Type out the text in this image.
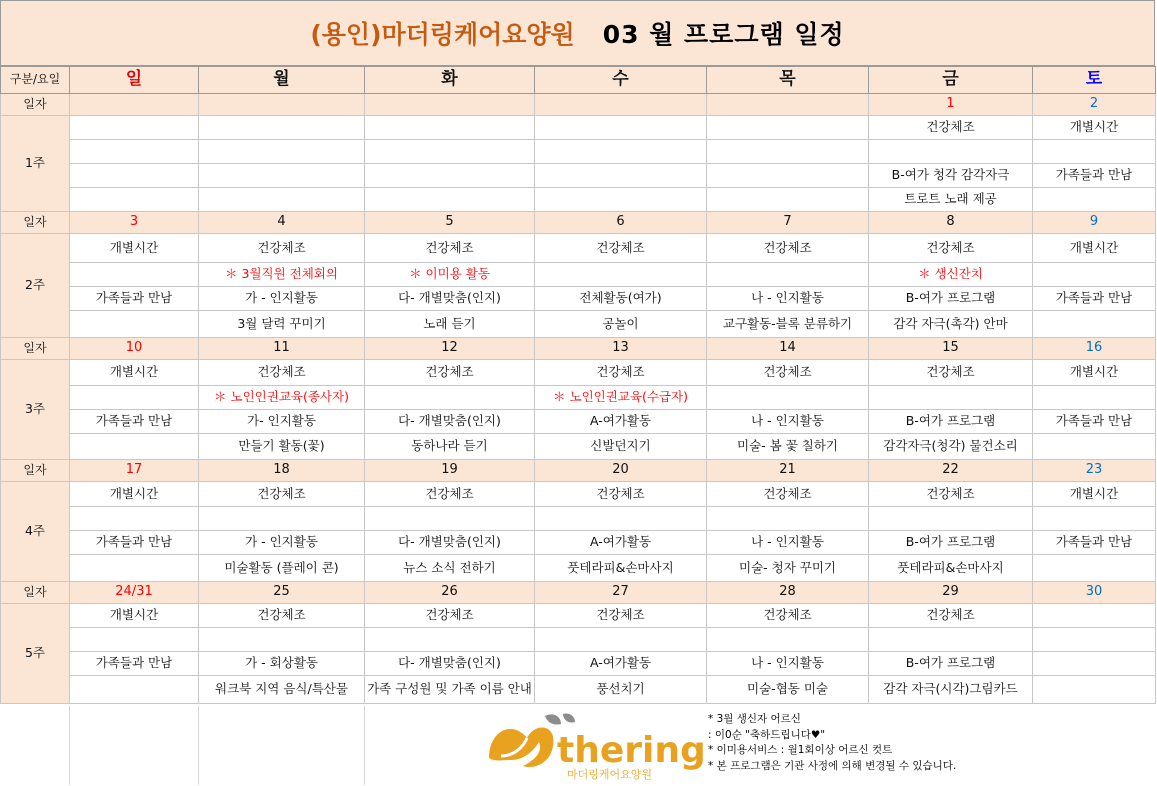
(용인)마더링케어요양원 03 월 프로그램 일정
구분/요일	일	월	화	수	목	금	토
일자						1	2
1주						건강체조	개별시간

						B-여가 청각 감각자극	가족들과 만남
						트로트 노래 제공	
일자	3	4	5	6	7	8	9
2주	개별시간	건강체조	건강체조	건강체조	건강체조	건강체조	개별시간
		＊ 3월직원 전체회의	＊ 이미용 활동			＊ 생신잔치	
	가족들과 만남	가 - 인지활동	다- 개별맞춤(인지)	전체활동(여가)	나 - 인지활동	B-여가 프로그램	가족들과 만남
		3월 달력 꾸미기	노래 듣기	공놀이	교구활동-블록 분류하기	감각 자극(촉각) 안마	
일자	10	11	12	13	14	15	16
3주	개별시간	건강체조	건강체조	건강체조	건강체조	건강체조	개별시간
		＊ 노인인권교육(종사자)		＊ 노인인권교육(수급자)			
	가족들과 만남	가- 인지활동	다- 개별맞춤(인지)	A-여가활동	나 - 인지활동	B-여가 프로그램	가족들과 만남
		만들기 활동(꽃)	동하나라 듣기	신발던지기	미술- 봄 꽃 칠하기	감각자극(청각) 물건소리	
일자	17	18	19	20	21	22	23
4주	개별시간	건강체조	건강체조	건강체조	건강체조	건강체조	개별시간

	가족들과 만남	가 - 인지활동	다- 개별맞춤(인지)	A-여가활동	나 - 인지활동	B-여가 프로그램	가족들과 만남
		미술활동 (플레이 콘)	뉴스 소식 전하기	풋테라피&손마사지	미술- 청자 꾸미기	풋테라피&손마사지	
일자	24/31	25	26	27	28	29	30
5주	개별시간	건강체조	건강체조	건강체조	건강체조	건강체조	

	가족들과 만남	가 - 회상활동	다- 개별맞춤(인지)	A-여가활동	나 - 인지활동	B-여가 프로그램	
		워크북 지역 음식/특산물	가족 구성원 및 가족 이름 안내	풍선치기	미술-협동 미술	감각 자극(시각)그림카드	
thering
마더링케어요양원
* 3월 생신자 어르신
: 이0순 "축하드립니다♥"
* 이미용서비스 : 월1회이상 어르신 컷트
* 본 프로그램은 기관 사정에 의해 변경될 수 있습니다.
